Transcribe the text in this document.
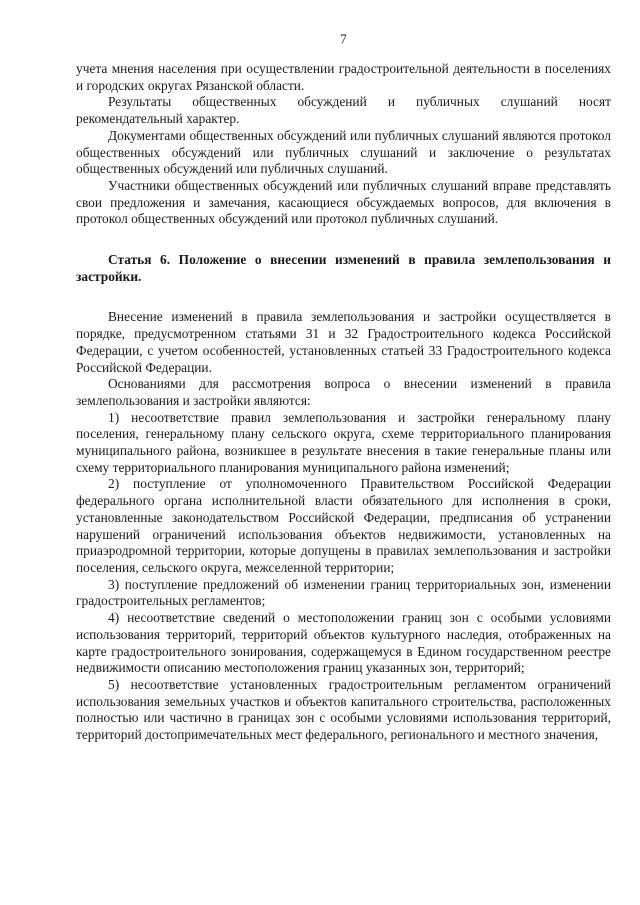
7

учета мнения населения при осуществлении градостроительной деятельности в поселениях и городских округах Рязанской области.

Результаты общественных обсуждений и публичных слушаний носят рекомендательный характер.

Документами общественных обсуждений или публичных слушаний являются протокол общественных обсуждений или публичных слушаний и заключение о результатах общественных обсуждений или публичных слушаний.

Участники общественных обсуждений или публичных слушаний вправе представлять свои предложения и замечания, касающиеся обсуждаемых вопросов, для включения в протокол общественных обсуждений или протокол публичных слушаний.

Статья 6. Положение о внесении изменений в правила землепользования и застройки.

Внесение изменений в правила землепользования и застройки осуществляется в порядке, предусмотренном статьями 31 и 32 Градостроительного кодекса Российской Федерации, с учетом особенностей, установленных статьей 33 Градостроительного кодекса Российской Федерации.

Основаниями для рассмотрения вопроса о внесении изменений в правила землепользования и застройки являются:

1) несоответствие правил землепользования и застройки генеральному плану поселения, генеральному плану сельского округа, схеме территориального планирования муниципального района, возникшее в результате внесения в такие генеральные планы или схему территориального планирования муниципального района изменений;

2) поступление от уполномоченного Правительством Российской Федерации федерального органа исполнительной власти обязательного для исполнения в сроки, установленные законодательством Российской Федерации, предписания об устранении нарушений ограничений использования объектов недвижимости, установленных на приаэродромной территории, которые допущены в правилах землепользования и застройки поселения, сельского округа, межселенной территории;

3) поступление предложений об изменении границ территориальных зон, изменении градостроительных регламентов;

4) несоответствие сведений о местоположении границ зон с особыми условиями использования территорий, территорий объектов культурного наследия, отображенных на карте градостроительного зонирования, содержащемуся в Едином государственном реестре недвижимости описанию местоположения границ указанных зон, территорий;

5) несоответствие установленных градостроительным регламентом ограничений использования земельных участков и объектов капитального строительства, расположенных полностью или частично в границах зон с особыми условиями использования территорий, территорий достопримечательных мест федерального, регионального и местного значения,
